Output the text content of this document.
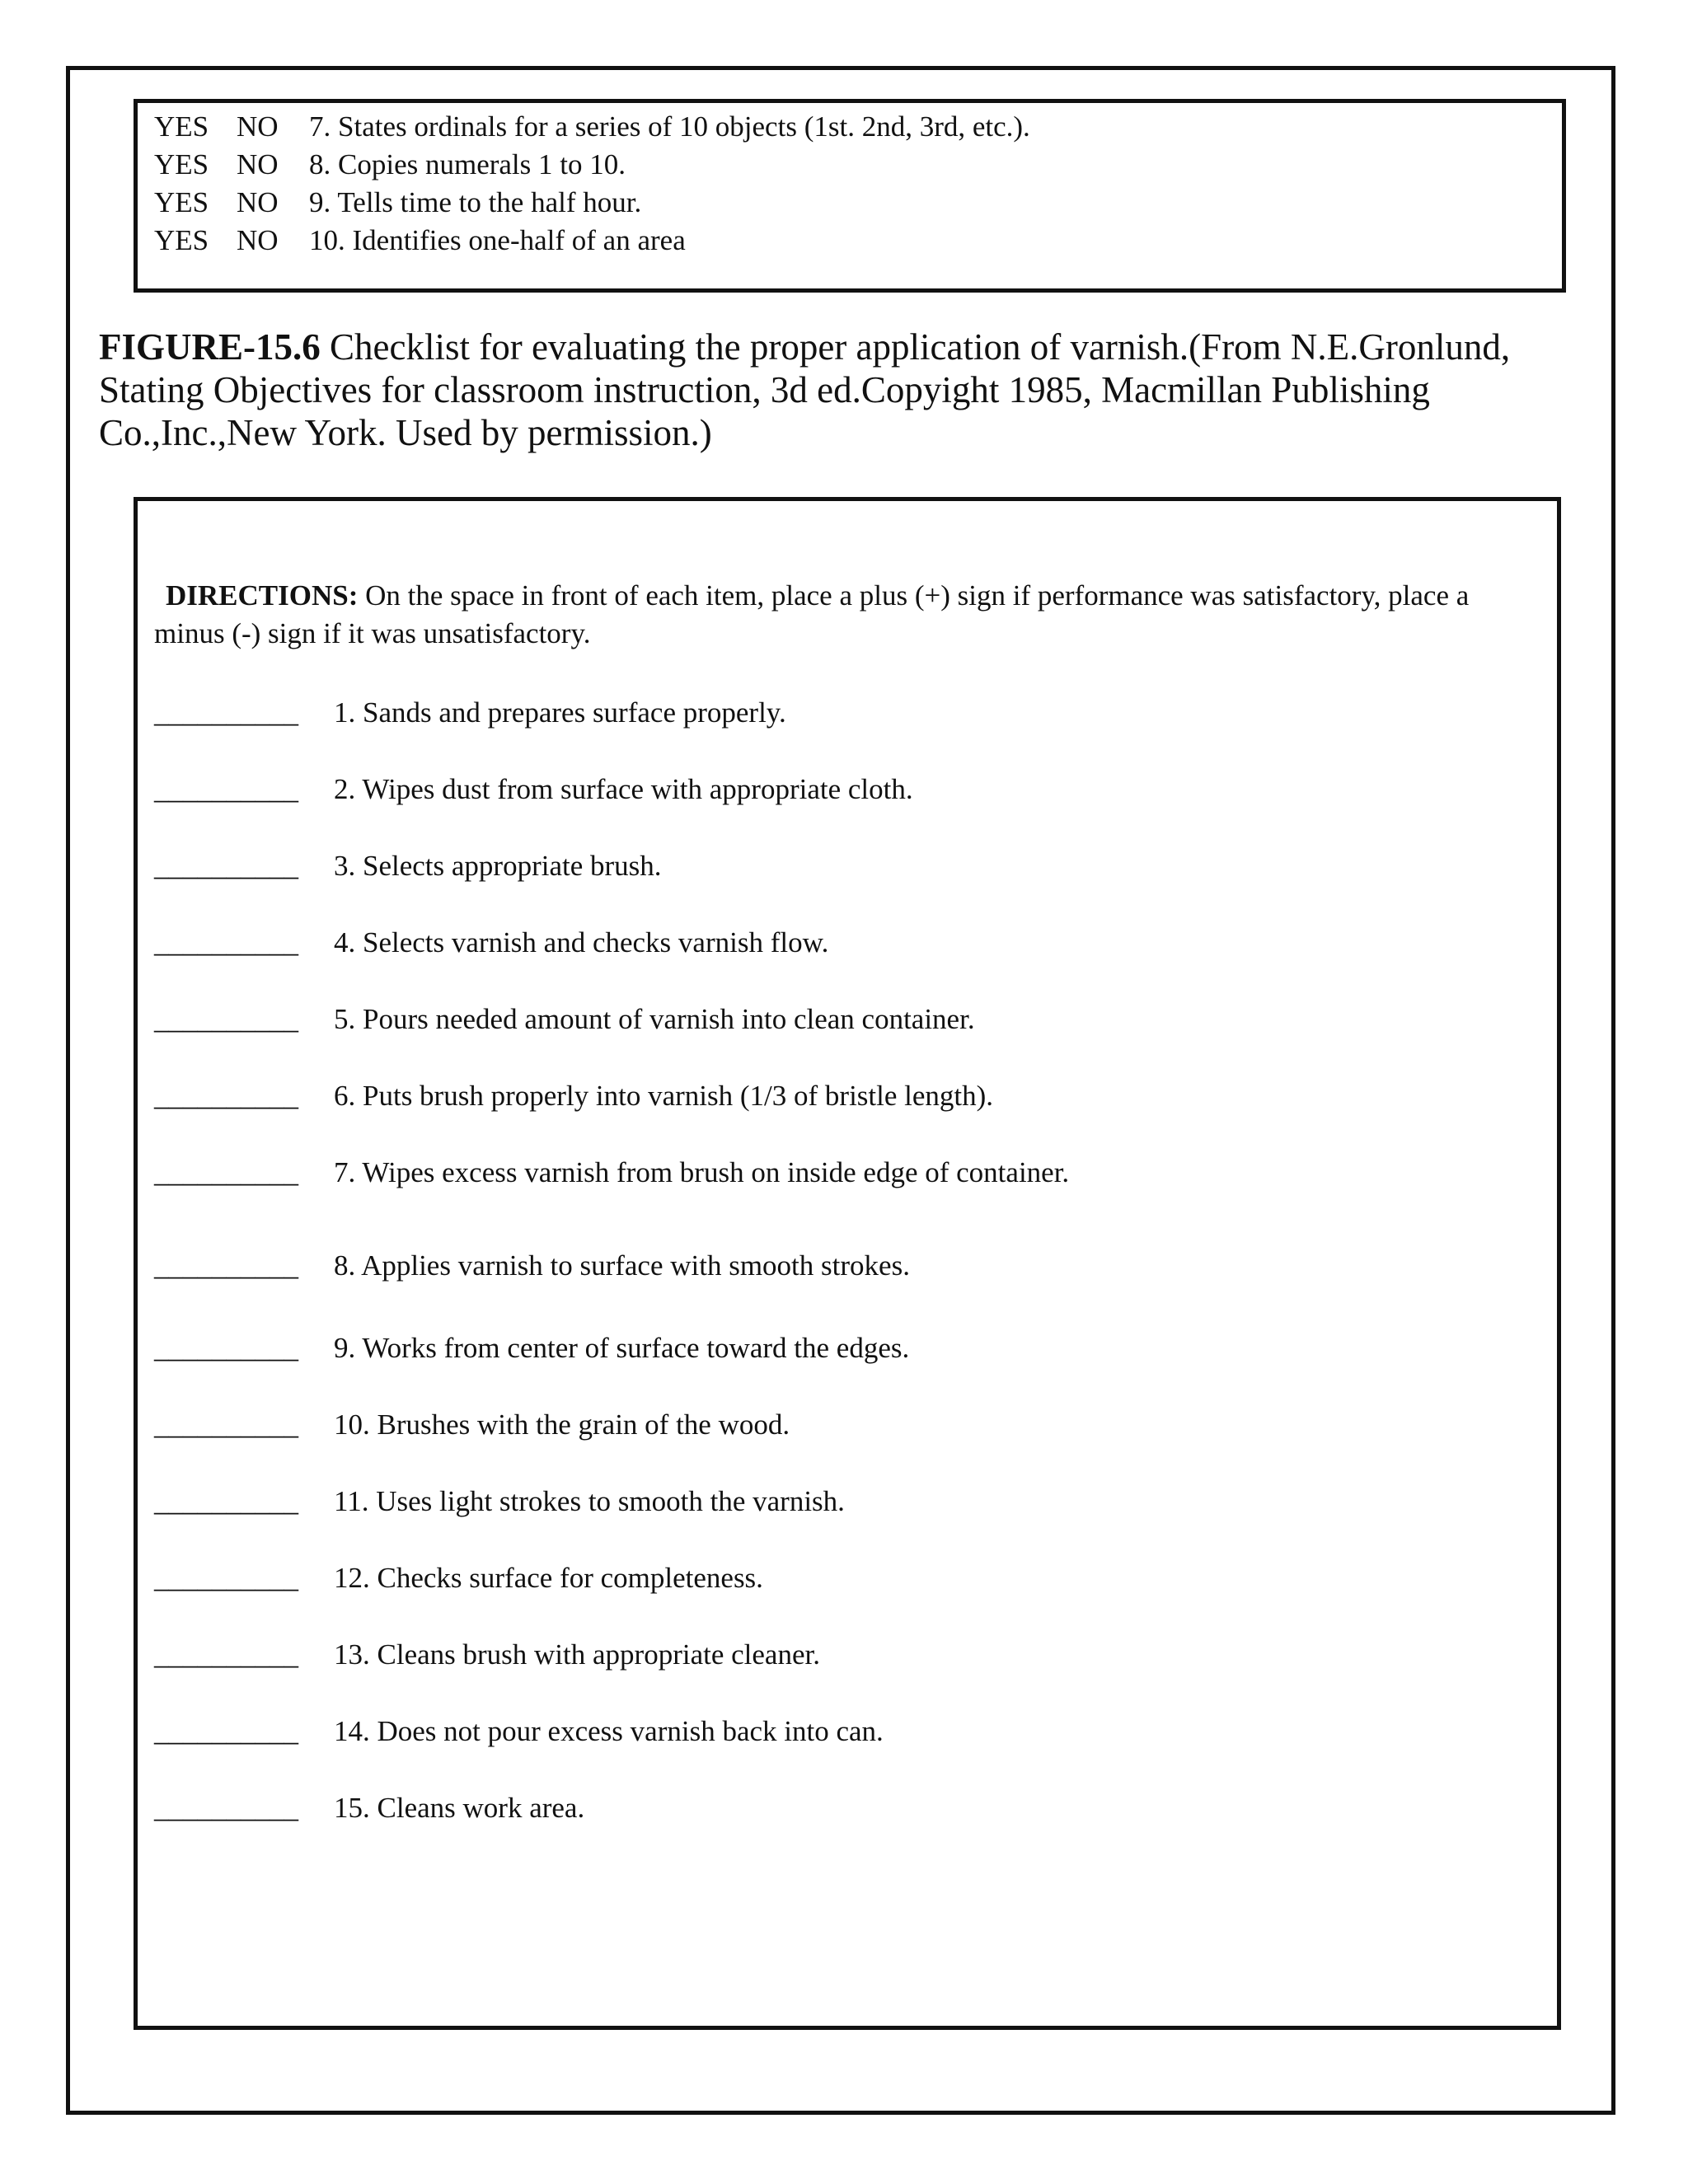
YES NO	7. States ordinals for a series of 10 objects (1st. 2nd, 3rd, etc.).
YES NO	8. Copies numerals 1 to 10.
YES NO	9. Tells time to the half hour.
YES NO	10. Identifies one-half of an area
FIGURE-15.6 Checklist for evaluating the proper application of varnish.(From N.E.Gronlund, Stating Objectives for classroom instruction, 3d ed.Copyight 1985, Macmillan Publishing Co.,Inc.,New York. Used by permission.)
DIRECTIONS: On the space in front of each item, place a plus (+) sign if performance was satisfactory, place a minus (-) sign if it was unsatisfactory.
__________	1. Sands and prepares surface properly.
__________	2. Wipes dust from surface with appropriate cloth.
__________	3. Selects appropriate brush.
__________	4. Selects varnish and checks varnish flow.
__________	5. Pours needed amount of varnish into clean container.
__________	6. Puts brush properly into varnish (1/3 of bristle length).
__________	7. Wipes excess varnish from brush on inside edge of container.
__________	8. Applies varnish to surface with smooth strokes.
__________	9. Works from center of surface toward the edges.
__________	10. Brushes with the grain of the wood.
__________	11. Uses light strokes to smooth the varnish.
__________	12. Checks surface for completeness.
__________	13. Cleans brush with appropriate cleaner.
__________	14. Does not pour excess varnish back into can.
__________	15. Cleans work area.
